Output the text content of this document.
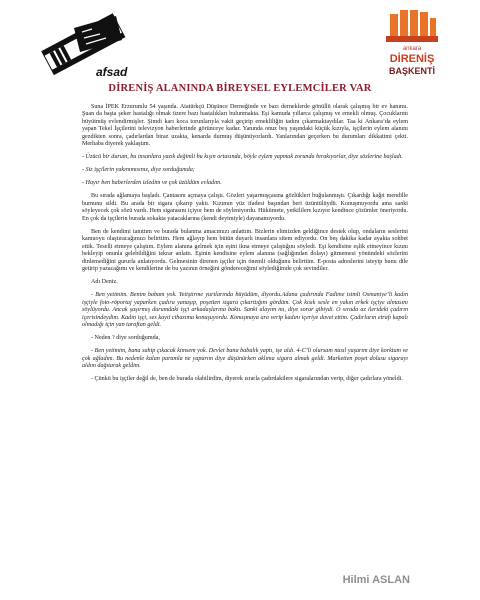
afsad
ankara
DİRENİŞ
BAŞKENTİ
DİRENİŞ ALANINDA BİREYSEL EYLEMCİLER VAR

Suna İPEK Erzurumlu 54 yaşında. Atatürkçü Düşünce Derneğinde ve bazı derneklerde gönüllü olarak çalışmış bir ev hanımı. Şuan da başta şeker hastalığı olmak üzere bazı hastalıkları bulunmakta. Eşi kamuda yıllarca çalışmış ve emekli olmuş. Çocuklarını büyütmüş evlendirmişler. Şimdi karı koca torunlarıyla vakit geçirip emekliliğin tadını çıkarmaktaydılar. Taa ki Ankara’da eylem yapan Tekel İşçilerini televizyon haberlerinde görünceye kadar. Yanında onuz beş yaşındaki küçük kızıyla, işçilerin eylem alanını gezdikten sonra, çadırlardan biraz uzakta, kenarda durmuş düşünüyorlardı. Yanlarından geçerken bu durumları dikkatimi çekti. Merhaba diyerek yaklaştım.

- Üzücü bir durum, bu insanlara yazık değimli bu kışın ortasında, böyle eylem yapmak zorunda bırakıyorlar, diye sözlerine başladı.

- Siz işçilerin yakınımısınız, diye sorduğumda;

- Hayır ben haberlerden izledim ve çok üzüldüm evladım.

Bu sırada ağlamaya başladı. Çantasını açmaya çalıştı. Gözleri yaşarmışçasına gözlükleri buğulanmıştı. Çıkardığı kağıt mendille burnunu sildi. Bu arada bir sigara çıkarıp yaktı. Kızımın yüz ifadesi başından beri üzüntülüydü. Konuşmuyordu ama sanki söyleyecek çok sözü vardı. Hem sigarasını içiyor hem de söyleniyordu. Hükümete, yetkililere kızıyor kendince çözümler öneriyordu. En çok da işçilerin burada sokakta yatacaklarına (kendi deyimiyle) dayanamıyordu.

Ben de kendimi tanıttım ve burada bulanma amacımızı anlattım. Bizlerin elimizden geldiğince destek olup, ondaların seslerini kamuoyu olaştıracağımızı belirttim. Hem ağlayıp hem bütün duyarlı insanlara sitem ediyordu. On beş dakika kadar ayakta sohbet ettik. Teselli etmeye çalıştım. Eylem alanına gelmek için eşini ikna etmeye çalıştığını söyledi. Eşi kendisine eşlik etmeyince kızını bekleyip onunla gelebildiğini tekrar anlattı. Eşinin kendisine eylem alanına (sağlığından dolayı) gitmemesi yönündeki sözlerini dinlemediğini gururla anlatıyordu. Gelmesinin direnen işçiler için önemli olduğunu belirttim. E-posta adreslerini isteyip bunu dile getirip yazacağımı ve kendilerine de bu yazının örneğini göndereceğimi söylediğimde çok sevindiler.

Adı Deniz.

- Ben yetimim. Benim babam yok. Yetiştirme yurtlarında büyüdüm, diyordu.Adana çadırında Fadime isimli Osmaniye’li kadın işçiyle foto-röportaj yaparken çadıra yanaşıp, poşetten sigara çıkarttığını gördüm. Çok kısık sesle en yakın erkek işçiye almasını söylüyordu. Ancak şaşırmış durumdaki işçi arkadaşlarına baktı. Sanki alayım mı, diye sorar gibiydi. O sırada az ilerideki çadırın içerisindeydim. Kadın işçi, ses kayıt cihazıma konuşuyordu. Konuşmaya ara verip kadını içeriye davet ettim. Çadırların etrafı kapalı olmadığı için yan taraftan geldi.

- Neden ? diye sorduğumda,

- Ben yetimim, bana sahip çıkacak kimsem yok. Devlet bana babalık yaptı, işe aldı. 4-C’li olursam nasıl yaşarım diye korktum ve çok ağladım. Bu nedenle kalan paramla ne yaparım diye düşünürken aklıma sigara almak geldi. Marketten poşet dolusu sigarayı aldım dağıtarak geldim.

- Çünkü bu işçiler değil de, ben de burada olabilirdim, diyerek ısrarla çadırdakilere sigaralarından verip, diğer çadırlara yöneldi.

Hilmi ASLAN
